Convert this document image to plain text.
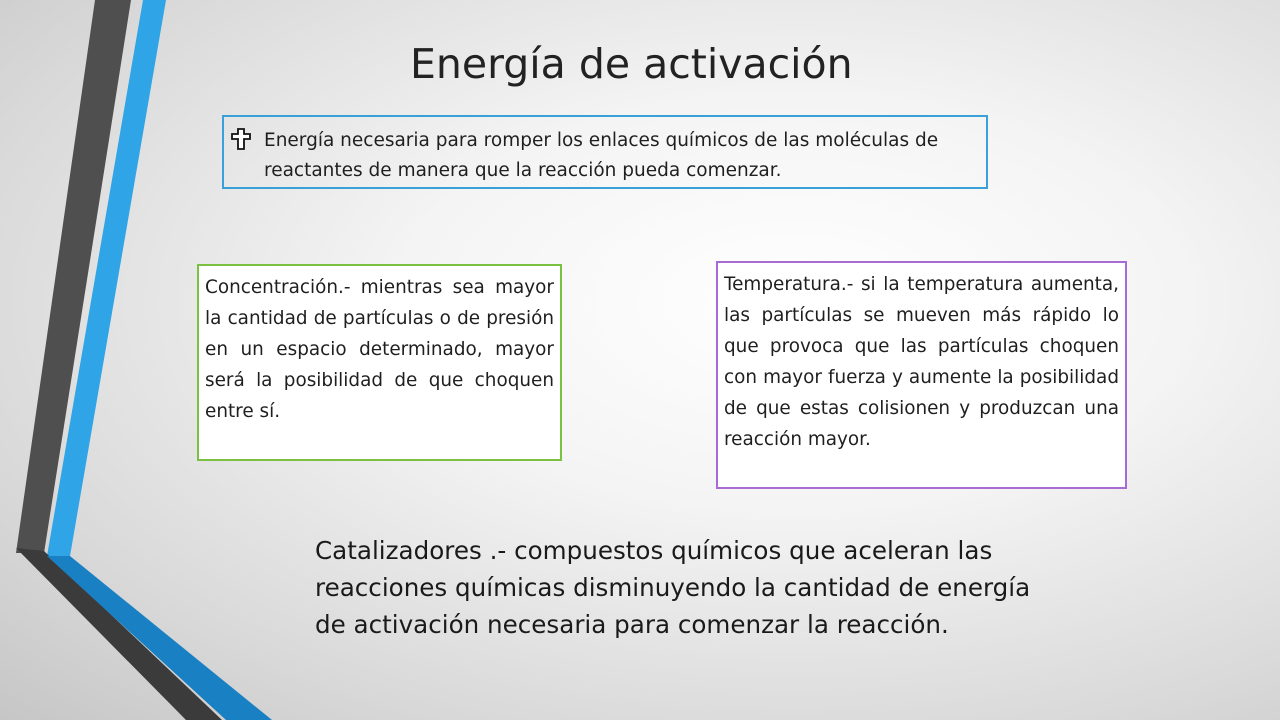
Energía de activación

Energía necesaria para romper los enlaces químicos de las moléculas de reactantes de manera que la reacción pueda comenzar.

Concentración.- mientras sea mayor la cantidad de partículas o de presión en un espacio determinado, mayor será la posibilidad de que choquen entre sí.

Temperatura.- si la temperatura aumenta, las partículas se mueven más rápido lo que provoca que las partículas choquen con mayor fuerza y aumente la posibilidad de que estas colisionen y produzcan una reacción mayor.

Catalizadores .- compuestos químicos que aceleran las reacciones químicas disminuyendo la cantidad de energía de activación necesaria para comenzar la reacción.
